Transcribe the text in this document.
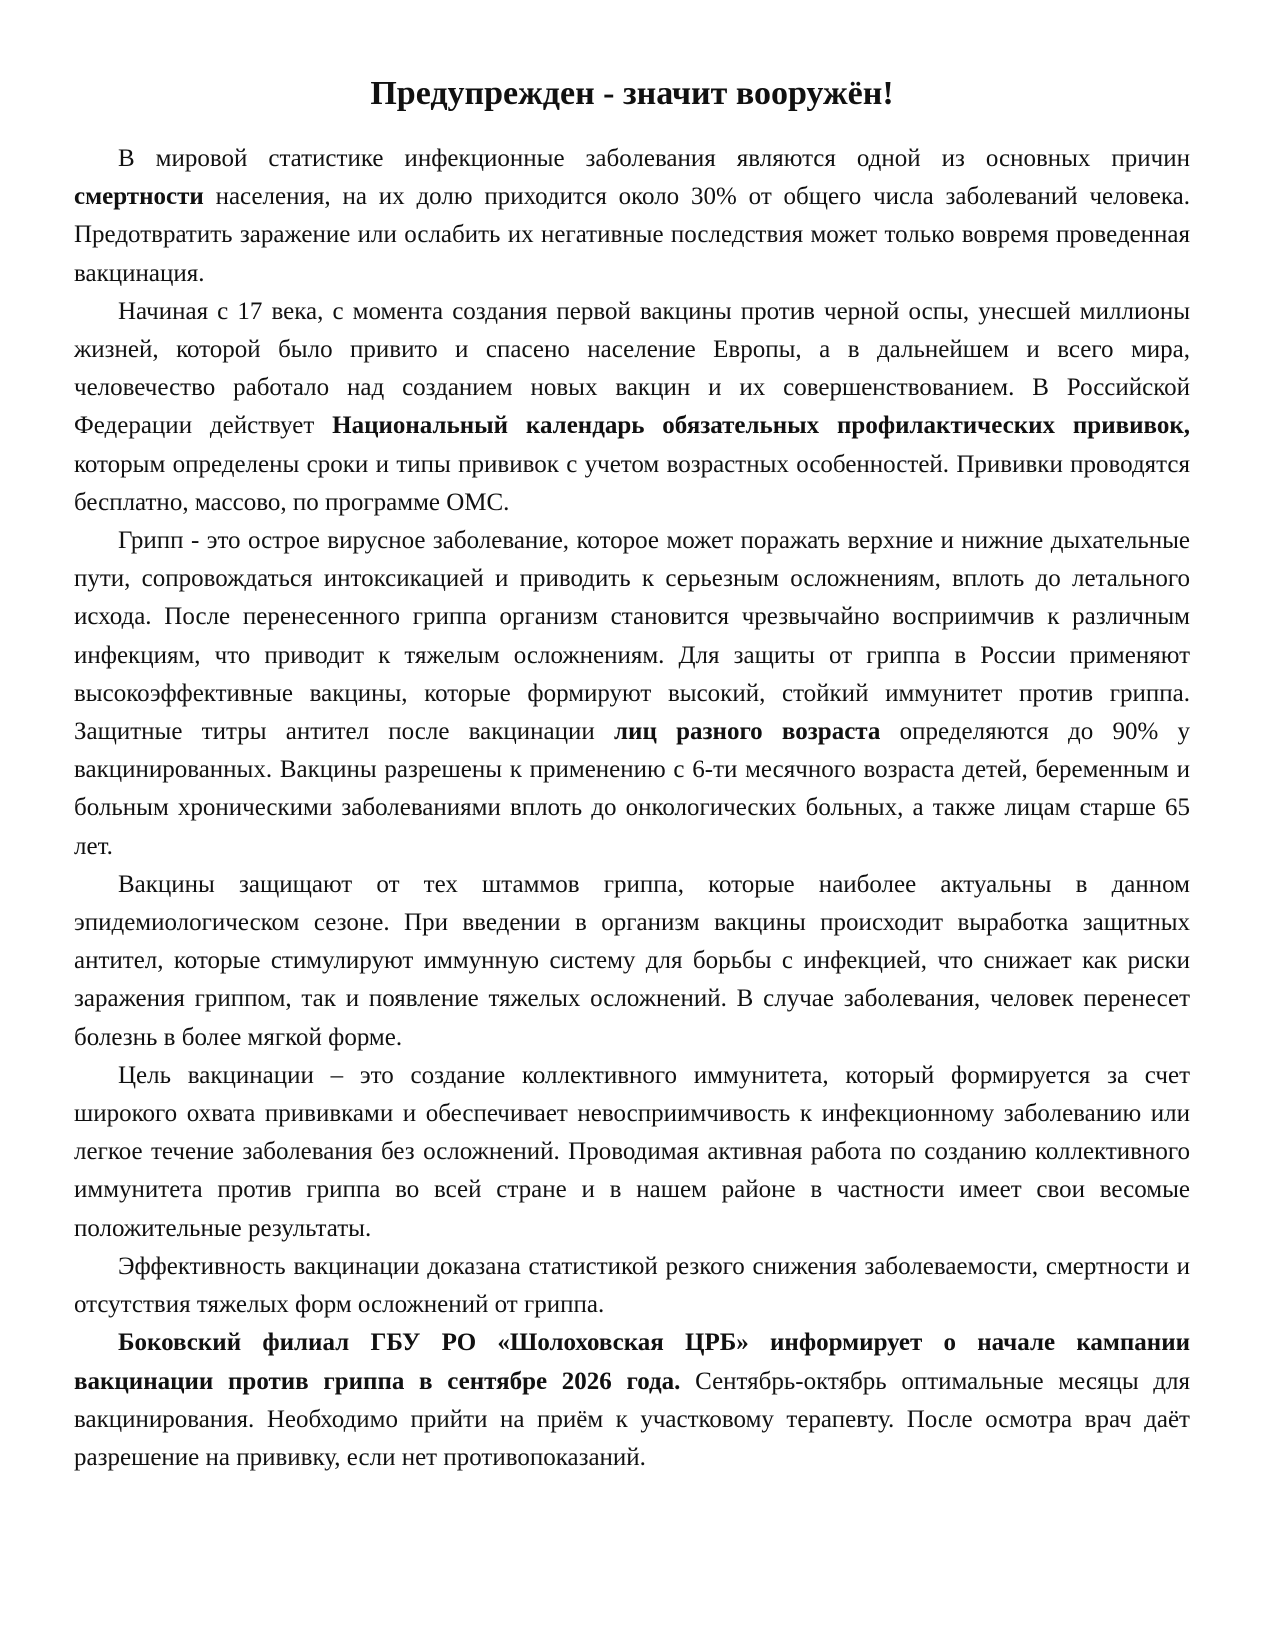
Предупрежден - значит вооружён!

В мировой статистике инфекционные заболевания являются одной из основных причин смертности населения, на их долю приходится около 30% от общего числа заболеваний человека. Предотвратить заражение или ослабить их негативные последствия может только вовремя проведенная вакцинация.

Начиная с 17 века, с момента создания первой вакцины против черной оспы, унесшей миллионы жизней, которой было привито и спасено население Европы, а в дальнейшем и всего мира, человечество работало над созданием новых вакцин и их совершенствованием. В Российской Федерации действует Национальный календарь обязательных профилактических прививок, которым определены сроки и типы прививок с учетом возрастных особенностей. Прививки проводятся бесплатно, массово, по программе ОМС.

Грипп - это острое вирусное заболевание, которое может поражать верхние и нижние дыхательные пути, сопровождаться интоксикацией и приводить к серьезным осложнениям, вплоть до летального исхода. После перенесенного гриппа организм становится чрезвычайно восприимчив к различным инфекциям, что приводит к тяжелым осложнениям. Для защиты от гриппа в России применяют высокоэффективные вакцины, которые формируют высокий, стойкий иммунитет против гриппа. Защитные титры антител после вакцинации лиц разного возраста определяются до 90% у вакцинированных. Вакцины разрешены к применению с 6-ти месячного возраста детей, беременным и больным хроническими заболеваниями вплоть до онкологических больных, а также лицам старше 65 лет.

Вакцины защищают от тех штаммов гриппа, которые наиболее актуальны в данном эпидемиологическом сезоне. При введении в организм вакцины происходит выработка защитных антител, которые стимулируют иммунную систему для борьбы с инфекцией, что снижает как риски заражения гриппом, так и появление тяжелых осложнений. В случае заболевания, человек перенесет болезнь в более мягкой форме.

Цель вакцинации – это создание коллективного иммунитета, который формируется за счет широкого охвата прививками и обеспечивает невосприимчивость к инфекционному заболеванию или легкое течение заболевания без осложнений. Проводимая активная работа по созданию коллективного иммунитета против гриппа во всей стране и в нашем районе в частности имеет свои весомые положительные результаты.

Эффективность вакцинации доказана статистикой резкого снижения заболеваемости, смертности и отсутствия тяжелых форм осложнений от гриппа.

Боковский филиал ГБУ РО «Шолоховская ЦРБ» информирует о начале кампании вакцинации против гриппа в сентябре 2026 года. Сентябрь-октябрь оптимальные месяцы для вакцинирования. Необходимо прийти на приём к участковому терапевту. После осмотра врач даёт разрешение на прививку, если нет противопоказаний.
